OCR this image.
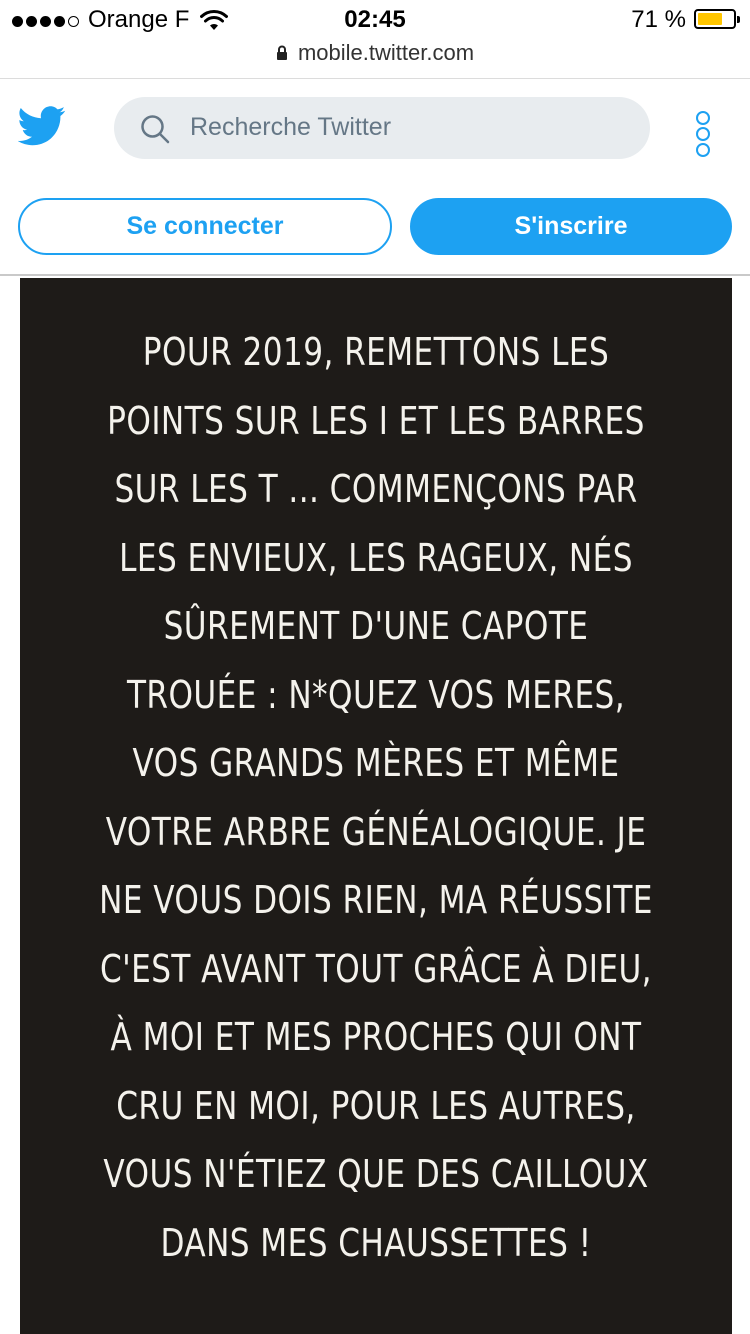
Orange F	02:45	71 %
mobile.twitter.com
Recherche Twitter
Se connecter	S'inscrire
POUR 2019, REMETTONS LES
POINTS SUR LES I ET LES BARRES
SUR LES T ... COMMENÇONS PAR
LES ENVIEUX, LES RAGEUX, NÉS
SÛREMENT D'UNE CAPOTE
TROUÉE : N*QUEZ VOS MERES,
VOS GRANDS MÈRES ET MÊME
VOTRE ARBRE GÉNÉALOGIQUE. JE
NE VOUS DOIS RIEN, MA RÉUSSITE
C'EST AVANT TOUT GRÂCE À DIEU,
À MOI ET MES PROCHES QUI ONT
CRU EN MOI, POUR LES AUTRES,
VOUS N'ÉTIEZ QUE DES CAILLOUX
DANS MES CHAUSSETTES !
